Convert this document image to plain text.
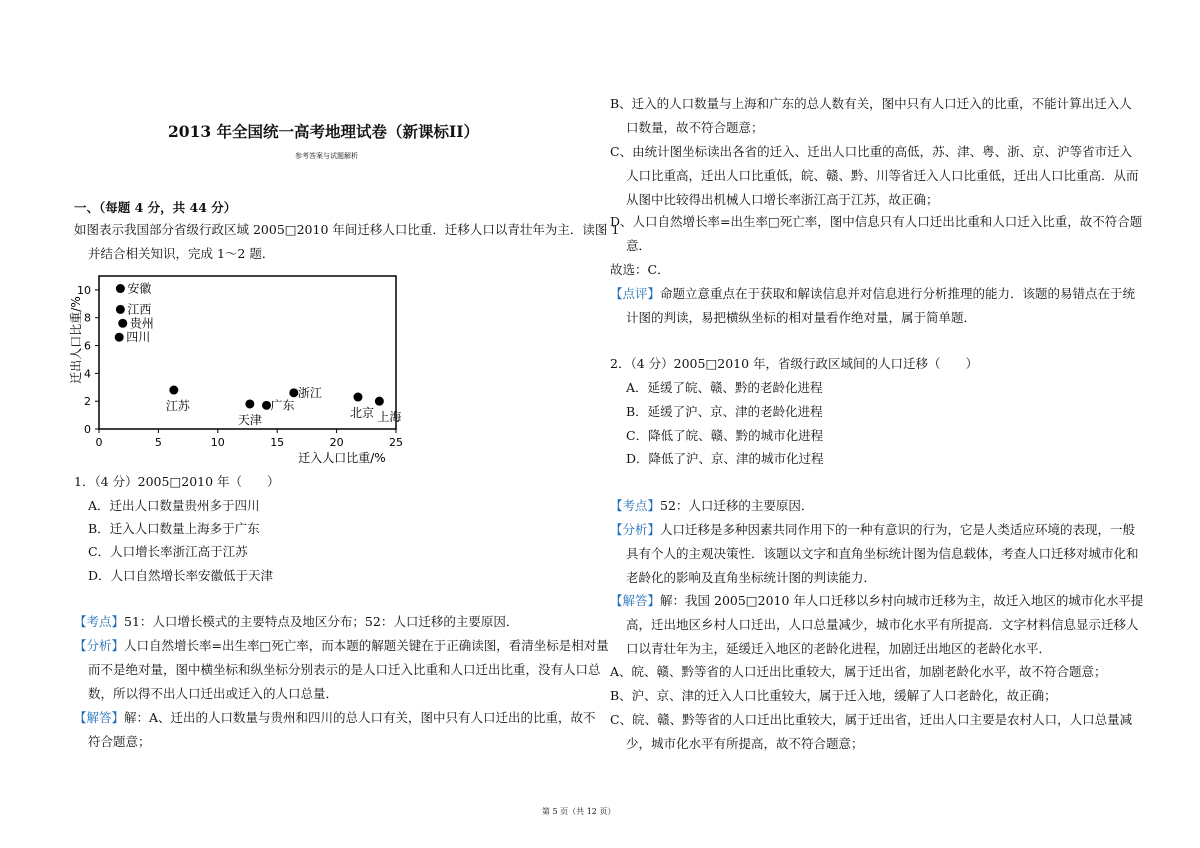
2013 年全国统一高考地理试卷（新课标II）
参考答案与试题解析
一、（每题 4 分，共 44 分）
如图表示我国部分省级行政区域 2005□2010 年间迁移人口比重．迁移人口以青壮年为主．读图 1
并结合相关知识，完成 1～2 题．
0	5	10	15	20	25
0
2
4
6
8
10	安徽
江西
贵州
四川
江苏
天津
广东
浙江
北京 上海
迁出人口比重/%
迁入人口比重/%
1．（4 分）2005□2010 年（　　）
A．迁出人口数量贵州多于四川
B．迁入人口数量上海多于广东
C．人口增长率浙江高于江苏
D．人口自然增长率安徽低于天津
【考点】51：人口增长模式的主要特点及地区分布；52：人口迁移的主要原因．
【分析】人口自然增长率=出生率□死亡率，而本题的解题关键在于正确读图，看清坐标是相对量
而不是绝对量，图中横坐标和纵坐标分别表示的是人口迁入比重和人口迁出比重，没有人口总
数，所以得不出人口迁出或迁入的人口总量．
【解答】解：A、迁出的人口数量与贵州和四川的总人口有关，图中只有人口迁出的比重，故不
符合题意；
B、迁入的人口数量与上海和广东的总人数有关，图中只有人口迁入的比重，不能计算出迁入人
口数量，故不符合题意；
C、由统计图坐标读出各省的迁入、迁出人口比重的高低，苏、津、粤、浙、京、沪等省市迁入
人口比重高，迁出人口比重低，皖、赣、黔、川等省迁入人口比重低，迁出人口比重高．从而
从图中比较得出机械人口增长率浙江高于江苏，故正确；
D、人口自然增长率=出生率□死亡率，图中信息只有人口迁出比重和人口迁入比重，故不符合题
意．
故选：C．
【点评】命题立意重点在于获取和解读信息并对信息进行分析推理的能力．该题的易错点在于统
计图的判读，易把横纵坐标的相对量看作绝对量，属于简单题．
2．（4 分）2005□2010 年，省级行政区域间的人口迁移（　　）
A．延缓了皖、赣、黔的老龄化进程
B．延缓了沪、京、津的老龄化进程
C．降低了皖、赣、黔的城市化进程
D．降低了沪、京、津的城市化过程
【考点】52：人口迁移的主要原因．
【分析】人口迁移是多种因素共同作用下的一种有意识的行为，它是人类适应环境的表现，一般
具有个人的主观决策性．该题以文字和直角坐标统计图为信息载体，考查人口迁移对城市化和
老龄化的影响及直角坐标统计图的判读能力．
【解答】解：我国 2005□2010 年人口迁移以乡村向城市迁移为主，故迁入地区的城市化水平提
高，迁出地区乡村人口迁出，人口总量减少，城市化水平有所提高．文字材料信息显示迁移人
口以青壮年为主，延缓迁入地区的老龄化进程，加剧迁出地区的老龄化水平．
A、皖、赣、黔等省的人口迁出比重较大，属于迁出省，加剧老龄化水平，故不符合题意；
B、沪、京、津的迁入人口比重较大，属于迁入地，缓解了人口老龄化，故正确；
C、皖、赣、黔等省的人口迁出比重较大，属于迁出省，迁出人口主要是农村人口，人口总量减
少，城市化水平有所提高，故不符合题意；
第 5 页（共 12 页）
